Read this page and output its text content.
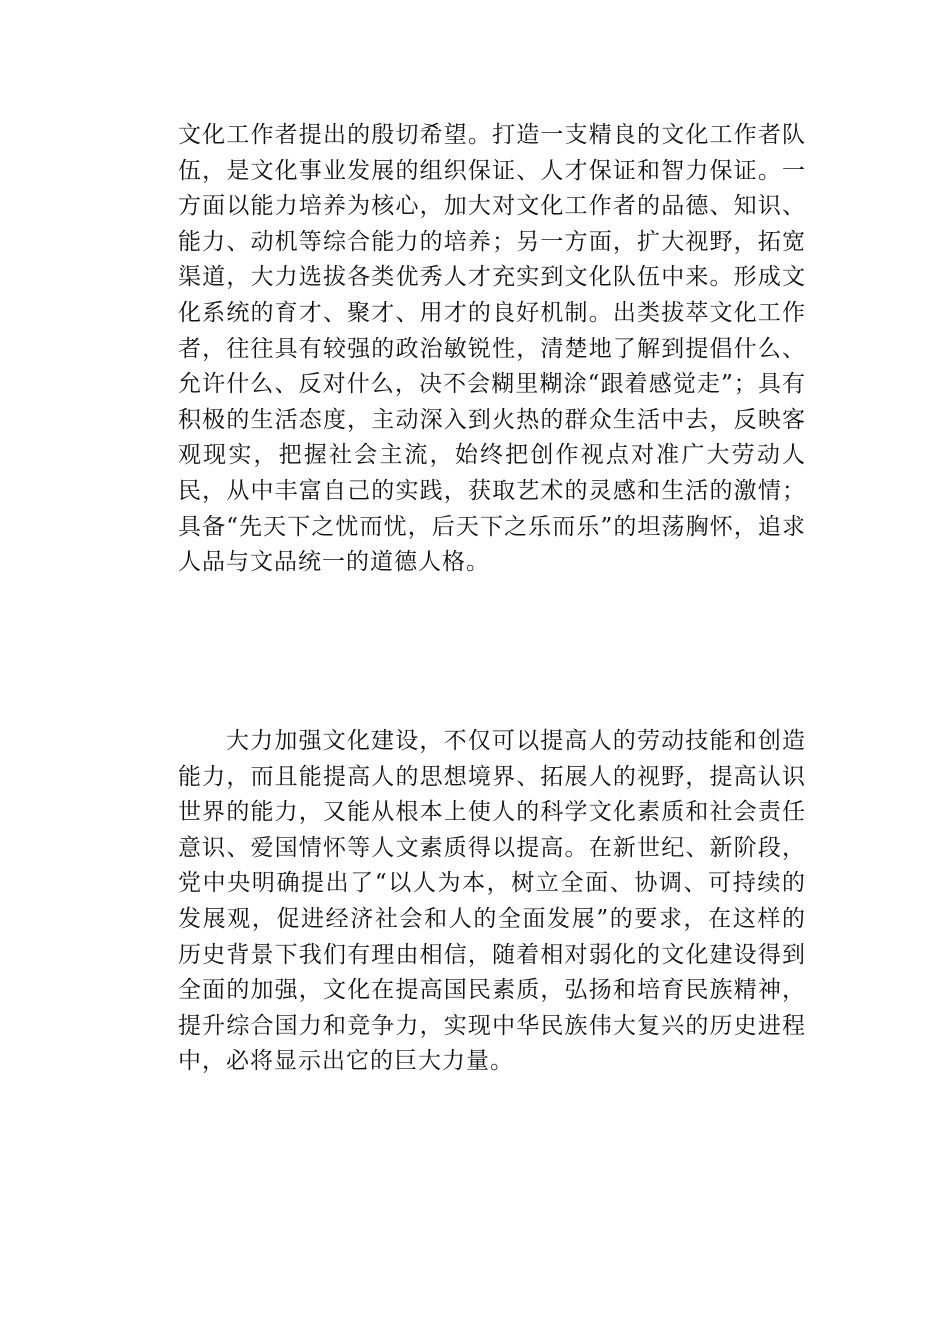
文化工作者提出的殷切希望。打造一支精良的文化工作者队伍，是文化事业发展的组织保证、人才保证和智力保证。一方面以能力培养为核心，加大对文化工作者的品德、知识、能力、动机等综合能力的培养；另一方面，扩大视野，拓宽渠道，大力选拔各类优秀人才充实到文化队伍中来。形成文化系统的育才、聚才、用才的良好机制。出类拔萃文化工作者，往往具有较强的政治敏锐性，清楚地了解到提倡什么、允许什么、反对什么，决不会糊里糊涂“跟着感觉走”；具有积极的生活态度，主动深入到火热的群众生活中去，反映客观现实，把握社会主流，始终把创作视点对准广大劳动人民，从中丰富自己的实践，获取艺术的灵感和生活的激情；具备“先天下之忧而忧，后天下之乐而乐”的坦荡胸怀，追求人品与文品统一的道德人格。

大力加强文化建设，不仅可以提高人的劳动技能和创造能力，而且能提高人的思想境界、拓展人的视野，提高认识世界的能力，又能从根本上使人的科学文化素质和社会责任意识、爱国情怀等人文素质得以提高。在新世纪、新阶段，党中央明确提出了“以人为本，树立全面、协调、可持续的发展观，促进经济社会和人的全面发展”的要求，在这样的历史背景下我们有理由相信，随着相对弱化的文化建设得到全面的加强，文化在提高国民素质，弘扬和培育民族精神，提升综合国力和竞争力，实现中华民族伟大复兴的历史进程中，必将显示出它的巨大力量。
